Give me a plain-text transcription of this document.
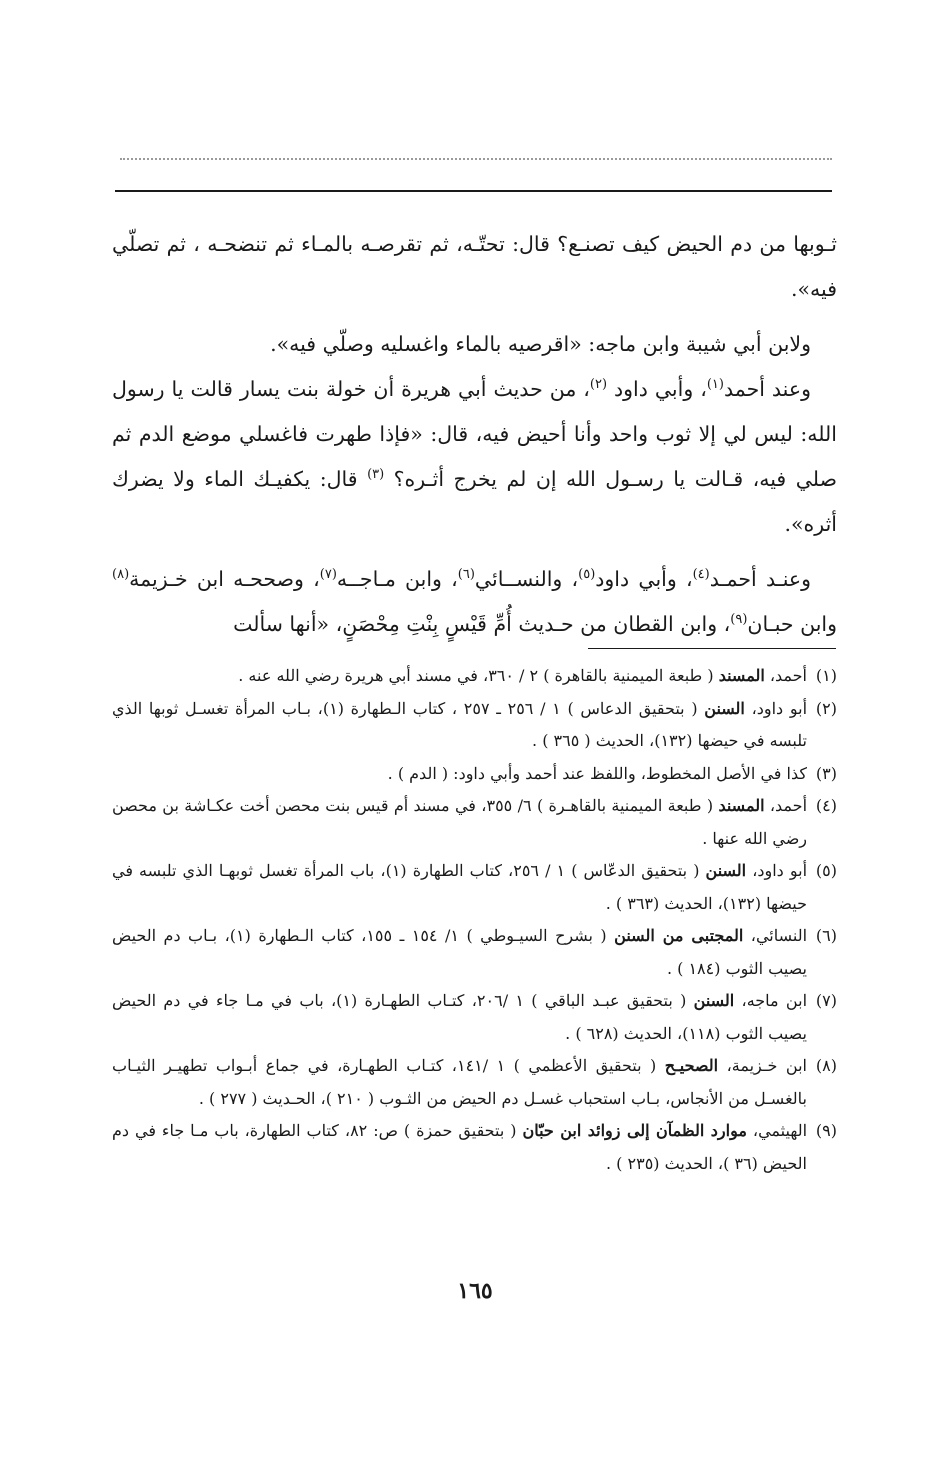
ثـوبها من دم الحيض كيف تصنـع؟ قال: تحتّـه، ثم تقرصـه بالمـاء ثم تنضحـه ، ثم تصلّي فيه».

ولابن أبي شيبة وابن ماجه: «اقرصيه بالماء واغسليه وصلّي فيه».

وعند أحمد$^{(١)}$، وأبي داود $^{(٢)}$، من حديث أبي هريرة أن خولة بنت يسار قالت يا رسول الله: ليس لي إلا ثوب واحد وأنا أحيض فيه، قال: «فإذا طهرت فاغسلي موضع الدم ثم صلي فيه، قـالت يا رسـول الله إن لم يخرج أثـره؟ $^{(٣)}$ قال: يكفيـك الماء ولا يضرك أثره».

وعنـد أحمـد$^{(٤)}$، وأبي داود$^{(٥)}$، والنســائي$^{(٦)}$، وابن مـاجــه$^{(٧)}$، وصححـه ابن خـزيمة$^{(٨)}$ وابن حبـان$^{(٩)}$، وابن القطان من حـديث أُمِّ قَيْسٍ بِنْتِ مِحْصَنٍ، «أنها سألت

(١)
أحمد، المسند ( طبعة الميمنية بالقاهرة ) ٢ / ٣٦٠، في مسند أبي هريرة رضي الله عنه .

(٢)
أبو داود، السنن ( بتحقيق الدعاس ) ١ / ٢٥٦ ـ ٢٥٧ ، كتاب الـطهارة (١)، بـاب المرأة تغسـل ثوبها الذي تلبسه في حيضها (١٣٢)، الحديث ( ٣٦٥ ) .

(٣)
كذا في الأصل المخطوط، واللفظ عند أحمد وأبي داود: ( الدم ) .

(٤)
أحمد، المسند ( طبعة الميمنية بالقاهـرة ) ٦/ ٣٥٥، في مسند أم قيس بنت محصن أخت عكـاشة بن محصن رضي الله عنها .

(٥)
أبو داود، السنن ( بتحقيق الدعّاس ) ١ / ٢٥٦، كتاب الطهارة (١)، باب المرأة تغسل ثوبهـا الذي تلبسه في حيضها (١٣٢)، الحديث (٣٦٣ ) .

(٦)
النسائي، المجتبى من السنن ( بشرح السيـوطي ) ١/ ١٥٤ ـ ١٥٥، كتاب الـطهارة (١)، بـاب دم الحيض يصيب الثوب (١٨٤ ) .

(٧)
ابن ماجه، السنن ( بتحقيق عبـد الباقي ) ١ /٢٠٦، كتـاب الطهـارة (١)، باب في مـا جاء في دم الحيض يصيب الثوب (١١٨)، الحديث (٦٢٨ ) .

(٨)
ابن خـزيمة، الصحيـح ( بتحقيق الأعظمي ) ١ /١٤١، كتـاب الطهـارة، في جماع أبـواب تطهيـر الثيـاب بالغسـل من الأنجاس، بـاب استحباب غسـل دم الحيض من الثـوب ( ٢١٠ )، الحـديث ( ٢٧٧ ) .

(٩)
الهيثمي، موارد الظمآن إلى زوائد ابن حبّان ( بتحقيق حمزة ) ص: ٨٢، كتاب الطهارة، باب مـا جاء في دم الحيض (٣٦ )، الحديث (٢٣٥ ) .

١٦٥
